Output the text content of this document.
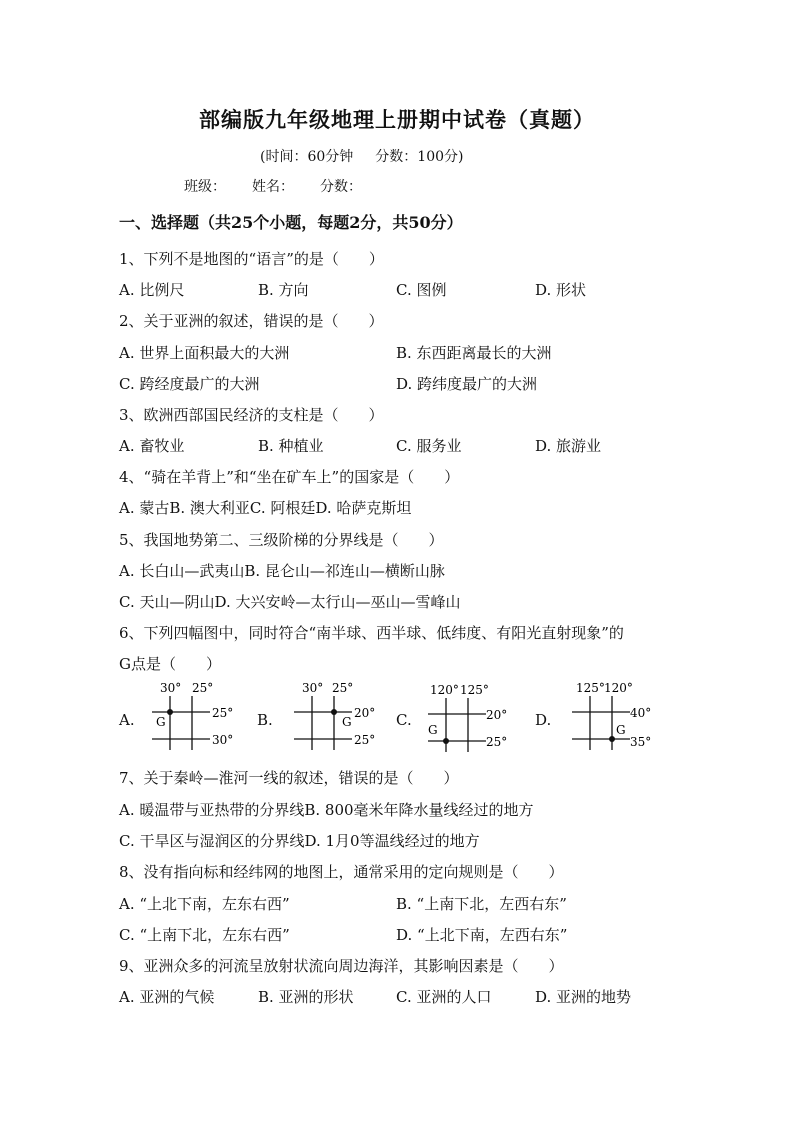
部编版九年级地理上册期中试卷（真题）
(时间：60分钟 分数：100分)
班级： 姓名： 分数：
一、选择题（共25个小题，每题2分，共50分）
1、下列不是地图的“语言”的是（　　）
A. 比例尺	B. 方向	C. 图例	D. 形状
2、关于亚洲的叙述，错误的是（　　）
A. 世界上面积最大的大洲	B. 东西距离最长的大洲
C. 跨经度最广的大洲	D. 跨纬度最广的大洲
3、欧洲西部国民经济的支柱是（　　）
A. 畜牧业	B. 种植业	C. 服务业	D. 旅游业
4、“骑在羊背上”和“坐在矿车上”的国家是（　　）
A. 蒙古B. 澳大利亚C. 阿根廷D. 哈萨克斯坦
5、我国地势第二、三级阶梯的分界线是（　　）
A. 长白山—武夷山B. 昆仑山—祁连山—横断山脉
C. 天山—阴山D. 大兴安岭—太行山—巫山—雪峰山
6、下列四幅图中，同时符合“南半球、西半球、低纬度、有阳光直射现象”的
G点是（　　）
A.
30° 25°
25°
30°
G	B.
30° 25°
20°
25°
G	C.
120° 125°
20°
25°
G
D.
125° 120°
40°
35°
G
7、关于秦岭—淮河一线的叙述，错误的是（　　）
A. 暖温带与亚热带的分界线B. 800毫米年降水量线经过的地方
C. 干旱区与湿润区的分界线D. 1月0等温线经过的地方
8、没有指向标和经纬网的地图上，通常采用的定向规则是（　　）
A. “上北下南，左东右西”	B. “上南下北，左西右东”
C. “上南下北，左东右西”	D. “上北下南，左西右东”
9、亚洲众多的河流呈放射状流向周边海洋，其影响因素是（　　）
A. 亚洲的气候	B. 亚洲的形状	C. 亚洲的人口	D. 亚洲的地势
